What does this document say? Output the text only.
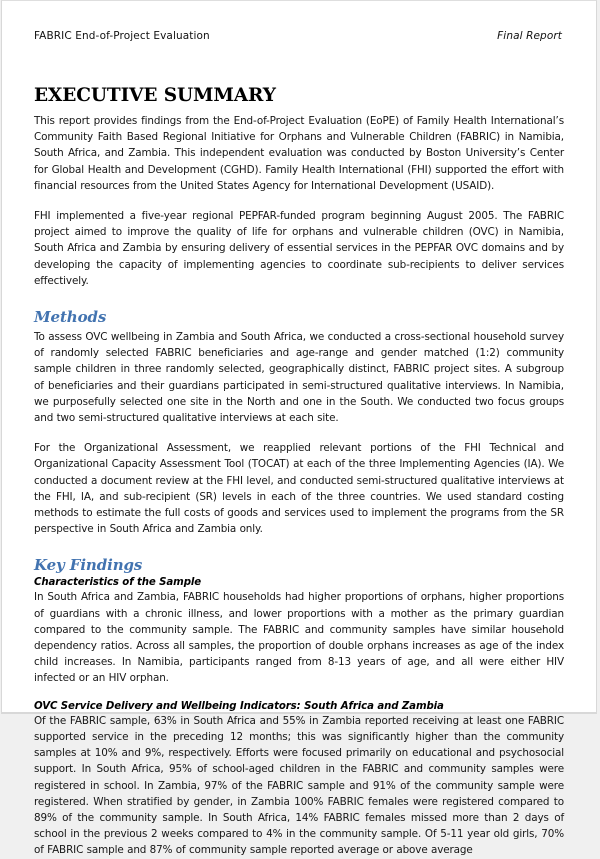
FABRIC End-of-Project Evaluation	Final Report
EXECUTIVE SUMMARY

This report provides findings from the End-of-Project Evaluation (EoPE) of Family Health International’s Community Faith Based Regional Initiative for Orphans and Vulnerable Children (FABRIC) in Namibia, South Africa, and Zambia. This independent evaluation was conducted by Boston University’s Center for Global Health and Development (CGHD). Family Health International (FHI) supported the effort with financial resources from the United States Agency for International Development (USAID).

FHI implemented a five-year regional PEPFAR-funded program beginning August 2005. The FABRIC project aimed to improve the quality of life for orphans and vulnerable children (OVC) in Namibia, South Africa and Zambia by ensuring delivery of essential services in the PEPFAR OVC domains and by developing the capacity of implementing agencies to coordinate sub-recipients to deliver services effectively.

Methods

To assess OVC wellbeing in Zambia and South Africa, we conducted a cross-sectional household survey of randomly selected FABRIC beneficiaries and age-range and gender matched (1:2) community sample children in three randomly selected, geographically distinct, FABRIC project sites. A subgroup of beneficiaries and their guardians participated in semi-structured qualitative interviews. In Namibia, we purposefully selected one site in the North and one in the South. We conducted two focus groups and two semi-structured qualitative interviews at each site.

For the Organizational Assessment, we reapplied relevant portions of the FHI Technical and Organizational Capacity Assessment Tool (TOCAT) at each of the three Implementing Agencies (IA). We conducted a document review at the FHI level, and conducted semi-structured qualitative interviews at the FHI, IA, and sub-recipient (SR) levels in each of the three countries. We used standard costing methods to estimate the full costs of goods and services used to implement the programs from the SR perspective in South Africa and Zambia only.

Key Findings
Characteristics of the Sample

In South Africa and Zambia, FABRIC households had higher proportions of orphans, higher proportions of guardians with a chronic illness, and lower proportions with a mother as the primary guardian compared to the community sample. The FABRIC and community samples have similar household dependency ratios. Across all samples, the proportion of double orphans increases as age of the index child increases. In Namibia, participants ranged from 8-13 years of age, and all were either HIV infected or an HIV orphan.

OVC Service Delivery and Wellbeing Indicators: South Africa and Zambia

Of the FABRIC sample, 63% in South Africa and 55% in Zambia reported receiving at least one FABRIC supported service in the preceding 12 months; this was significantly higher than the community samples at 10% and 9%, respectively. Efforts were focused primarily on educational and psychosocial support. In South Africa, 95% of school-aged children in the FABRIC and community samples were registered in school. In Zambia, 97% of the FABRIC sample and 91% of the community sample were registered. When stratified by gender, in Zambia 100% FABRIC females were registered compared to 89% of the community sample. In South Africa, 14% FABRIC females missed more than 2 days of school in the previous 2 weeks compared to 4% in the community sample. Of 5-11 year old girls, 70% of FABRIC sample and 87% of community sample reported average or above average
